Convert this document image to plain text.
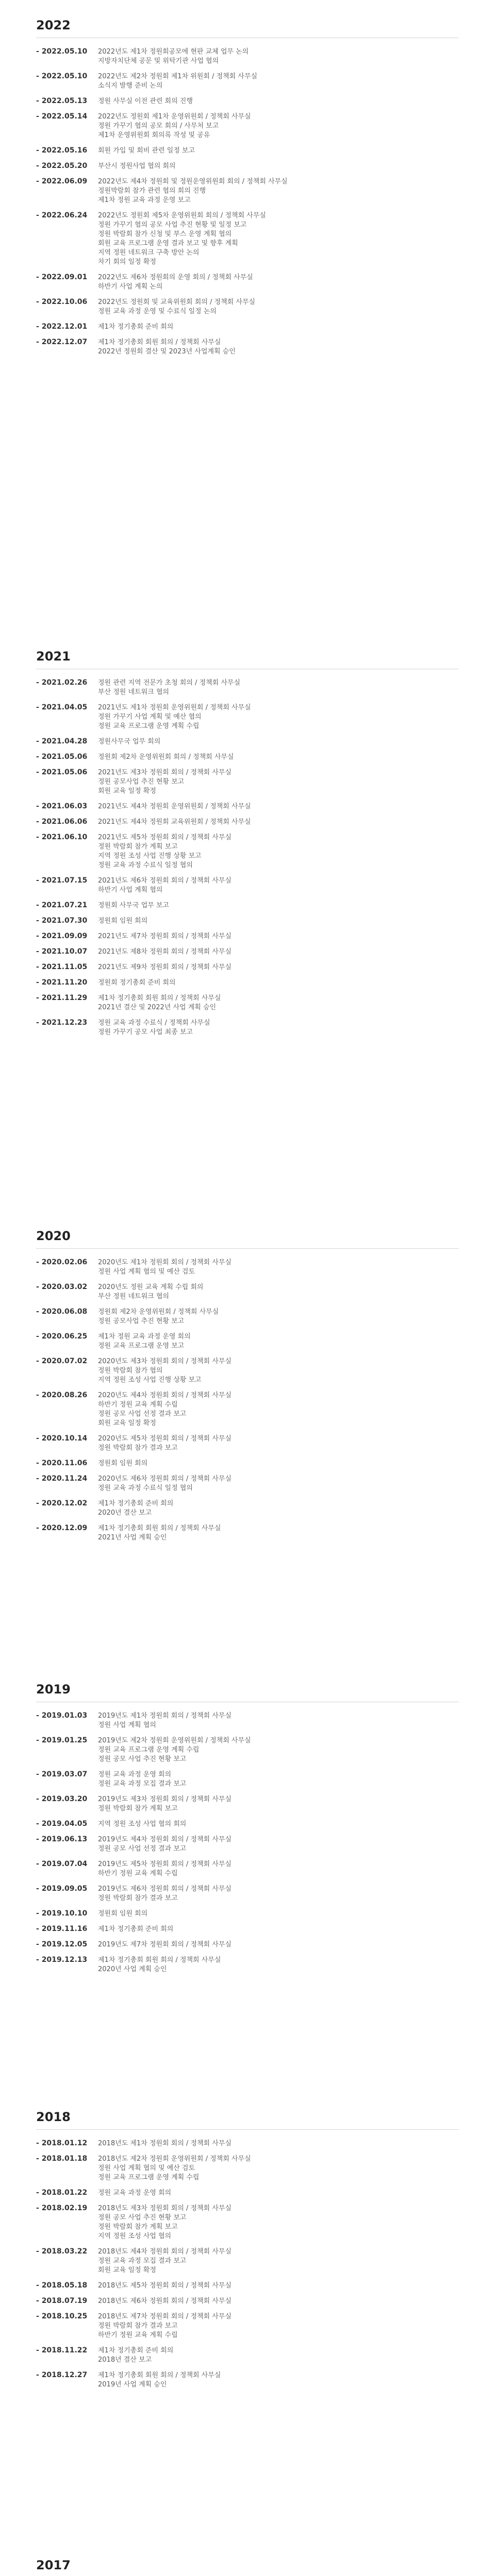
2022
- 2022.05.10	2022년도 제1차 정원회공모에 현판 교체 업무 논의
지방자치단체 공문 및 위탁기관 사업 협의
- 2022.05.10	2022년도 제2차 정원회 제1차 위원회 / 정책회 사무실
소식지 발행 준비 논의
- 2022.05.13	정원 사무실 이전 관련 회의 진행
- 2022.05.14	2022년도 정원회 제1차 운영위원회 / 정책회 사무실
정원 가꾸기 협의 공모 회의 / 사무처 보고
제1차 운영위원회 회의록 작성 및 공유
- 2022.05.16	회원 가입 및 회비 관련 일정 보고
- 2022.05.20	부산시 정원사업 협의 회의
- 2022.06.09	2022년도 제4차 정원회 및 정원운영위원회 회의 / 정책회 사무실
정원박람회 참가 관련 협의 회의 진행
제1차 정원 교육 과정 운영 보고
- 2022.06.24	2022년도 정원회 제5차 운영위원회 회의 / 정책회 사무실
정원 가꾸기 협의 공모 사업 추진 현황 및 일정 보고
정원 박람회 참가 신청 및 부스 운영 계획 협의
회원 교육 프로그램 운영 결과 보고 및 향후 계획
지역 정원 네트워크 구축 방안 논의
차기 회의 일정 확정
- 2022.09.01	2022년도 제6차 정원회의 운영 회의 / 정책회 사무실
하반기 사업 계획 논의
- 2022.10.06	2022년도 정원회 및 교육위원회 회의 / 정책회 사무실
정원 교육 과정 운영 및 수료식 일정 논의
- 2022.12.01	제1차 정기총회 준비 회의
- 2022.12.07	제1차 정기총회 회원 회의 / 정책회 사무실
2022년 정원회 결산 및 2023년 사업계획 승인
2021
- 2021.02.26	정원 관련 지역 전문가 초청 회의 / 정책회 사무실
부산 정원 네트워크 협의
- 2021.04.05	2021년도 제1차 정원회 운영위원회 / 정책회 사무실
정원 가꾸기 사업 계획 및 예산 협의
정원 교육 프로그램 운영 계획 수립
- 2021.04.28	정원사무국 업무 회의
- 2021.05.06	정원회 제2차 운영위원회 회의 / 정책회 사무실
- 2021.05.06	2021년도 제3차 정원회 회의 / 정책회 사무실
정원 공모사업 추진 현황 보고
회원 교육 일정 확정
- 2021.06.03	2021년도 제4차 정원회 운영위원회 / 정책회 사무실
- 2021.06.06	2021년도 제4차 정원회 교육위원회 / 정책회 사무실
- 2021.06.10	2021년도 제5차 정원회 회의 / 정책회 사무실
정원 박람회 참가 계획 보고
지역 정원 조성 사업 진행 상황 보고
정원 교육 과정 수료식 일정 협의
- 2021.07.15	2021년도 제6차 정원회 회의 / 정책회 사무실
하반기 사업 계획 협의
- 2021.07.21	정원회 사무국 업무 보고
- 2021.07.30	정원회 임원 회의
- 2021.09.09	2021년도 제7차 정원회 회의 / 정책회 사무실
- 2021.10.07	2021년도 제8차 정원회 회의 / 정책회 사무실
- 2021.11.05	2021년도 제9차 정원회 회의 / 정책회 사무실
- 2021.11.20	정원회 정기총회 준비 회의
- 2021.11.29	제1차 정기총회 회원 회의 / 정책회 사무실
2021년 결산 및 2022년 사업 계획 승인
- 2021.12.23	정원 교육 과정 수료식 / 정책회 사무실
정원 가꾸기 공모 사업 최종 보고
2020
- 2020.02.06	2020년도 제1차 정원회 회의 / 정책회 사무실
정원 사업 계획 협의 및 예산 검토
- 2020.03.02	2020년도 정원 교육 계획 수립 회의
부산 정원 네트워크 협의
- 2020.06.08	정원회 제2차 운영위원회 / 정책회 사무실
정원 공모사업 추진 현황 보고
- 2020.06.25	제1차 정원 교육 과정 운영 회의
정원 교육 프로그램 운영 보고
- 2020.07.02	2020년도 제3차 정원회 회의 / 정책회 사무실
정원 박람회 참가 협의
지역 정원 조성 사업 진행 상황 보고
- 2020.08.26	2020년도 제4차 정원회 회의 / 정책회 사무실
하반기 정원 교육 계획 수립
정원 공모 사업 선정 결과 보고
회원 교육 일정 확정
- 2020.10.14	2020년도 제5차 정원회 회의 / 정책회 사무실
정원 박람회 참가 결과 보고
- 2020.11.06	정원회 임원 회의
- 2020.11.24	2020년도 제6차 정원회 회의 / 정책회 사무실
정원 교육 과정 수료식 일정 협의
- 2020.12.02	제1차 정기총회 준비 회의
2020년 결산 보고
- 2020.12.09	제1차 정기총회 회원 회의 / 정책회 사무실
2021년 사업 계획 승인
2019
- 2019.01.03	2019년도 제1차 정원회 회의 / 정책회 사무실
정원 사업 계획 협의
- 2019.01.25	2019년도 제2차 정원회 운영위원회 / 정책회 사무실
정원 교육 프로그램 운영 계획 수립
정원 공모 사업 추진 현황 보고
- 2019.03.07	정원 교육 과정 운영 회의
정원 교육 과정 모집 결과 보고
- 2019.03.20	2019년도 제3차 정원회 회의 / 정책회 사무실
정원 박람회 참가 계획 보고
- 2019.04.05	지역 정원 조성 사업 협의 회의
- 2019.06.13	2019년도 제4차 정원회 회의 / 정책회 사무실
정원 공모 사업 선정 결과 보고
- 2019.07.04	2019년도 제5차 정원회 회의 / 정책회 사무실
하반기 정원 교육 계획 수립
- 2019.09.05	2019년도 제6차 정원회 회의 / 정책회 사무실
정원 박람회 참가 결과 보고
- 2019.10.10	정원회 임원 회의
- 2019.11.16	제1차 정기총회 준비 회의
- 2019.12.05	2019년도 제7차 정원회 회의 / 정책회 사무실
- 2019.12.13	제1차 정기총회 회원 회의 / 정책회 사무실
2020년 사업 계획 승인
2018
- 2018.01.12	2018년도 제1차 정원회 회의 / 정책회 사무실
- 2018.01.18	2018년도 제2차 정원회 운영위원회 / 정책회 사무실
정원 사업 계획 협의 및 예산 검토
정원 교육 프로그램 운영 계획 수립
- 2018.01.22	정원 교육 과정 운영 회의
- 2018.02.19	2018년도 제3차 정원회 회의 / 정책회 사무실
정원 공모 사업 추진 현황 보고
정원 박람회 참가 계획 보고
지역 정원 조성 사업 협의
- 2018.03.22	2018년도 제4차 정원회 회의 / 정책회 사무실
정원 교육 과정 모집 결과 보고
회원 교육 일정 확정
- 2018.05.18	2018년도 제5차 정원회 회의 / 정책회 사무실
- 2018.07.19	2018년도 제6차 정원회 회의 / 정책회 사무실
- 2018.10.25	2018년도 제7차 정원회 회의 / 정책회 사무실
정원 박람회 참가 결과 보고
하반기 정원 교육 계획 수립
- 2018.11.22	제1차 정기총회 준비 회의
2018년 결산 보고
- 2018.12.27	제1차 정기총회 회원 회의 / 정책회 사무실
2019년 사업 계획 승인
2017
